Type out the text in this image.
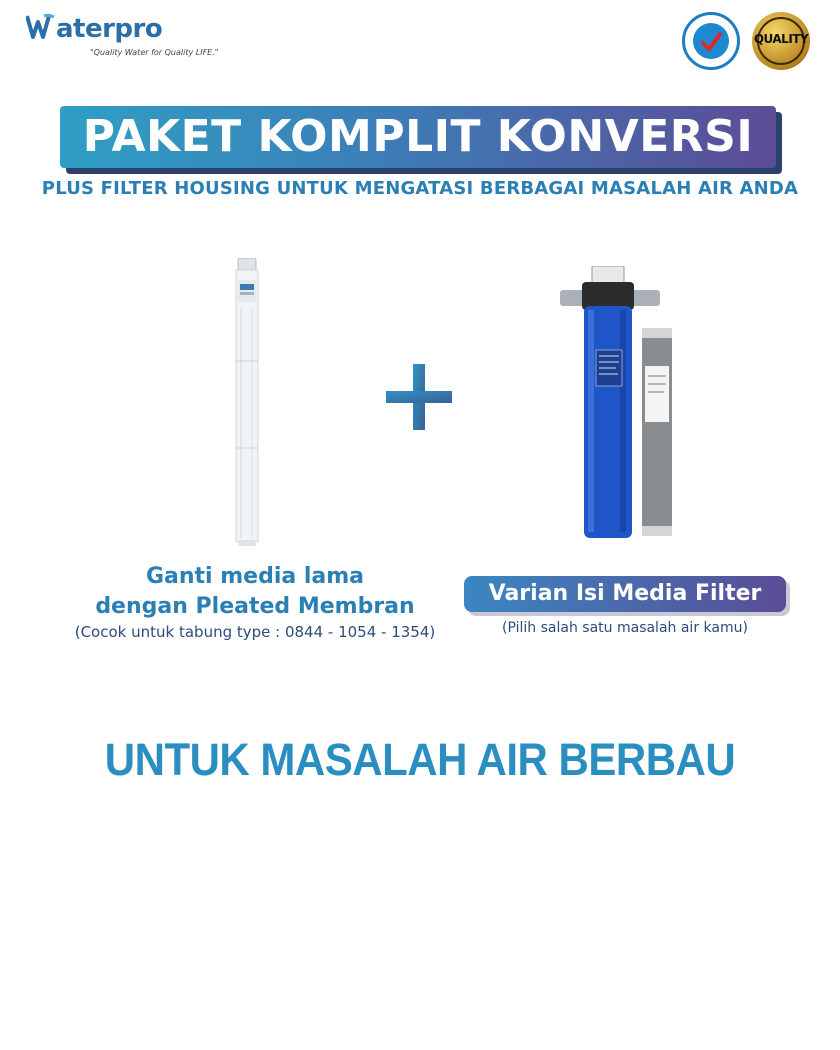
aterpro
"Quality Water for Quality LIFE."
QUALITY
PAKET KOMPLIT KONVERSI
PLUS FILTER HOUSING UNTUK MENGATASI BERBAGAI MASALAH AIR ANDA
Ganti media lama
dengan Pleated Membran
(Cocok untuk tabung type : 0844 - 1054 - 1354)
Varian Isi Media Filter
(Pilih salah satu masalah air kamu)
UNTUK MASALAH AIR BERBAU
